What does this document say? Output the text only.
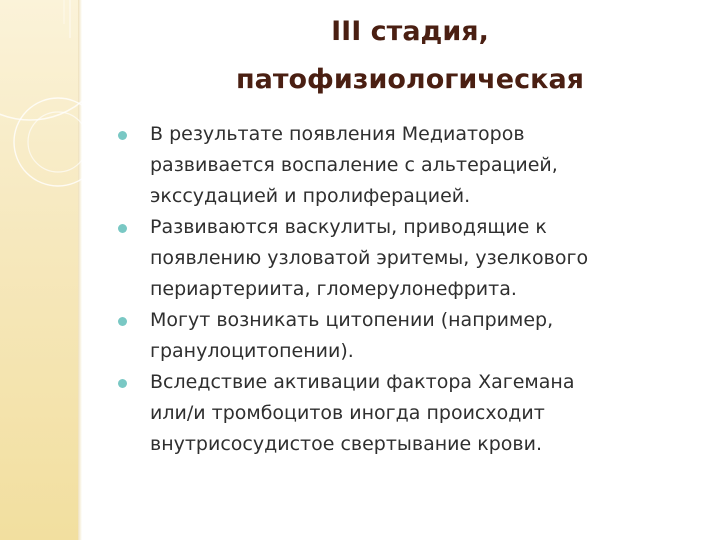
III стадия,
патофизиологическая
В результате появления Медиаторов
развивается воспаление с альтерацией,
экссудацией и пролиферацией.
Развиваются васкулиты, приводящие к
появлению узловатой эритемы, узелкового
периартериита, гломерулонефрита.
Могут возникать цитопении (например,
гранулоцитопении).
Вследствие активации фактора Хагемана
или/и тромбоцитов иногда происходит
внутрисосудистое свертывание крови.
